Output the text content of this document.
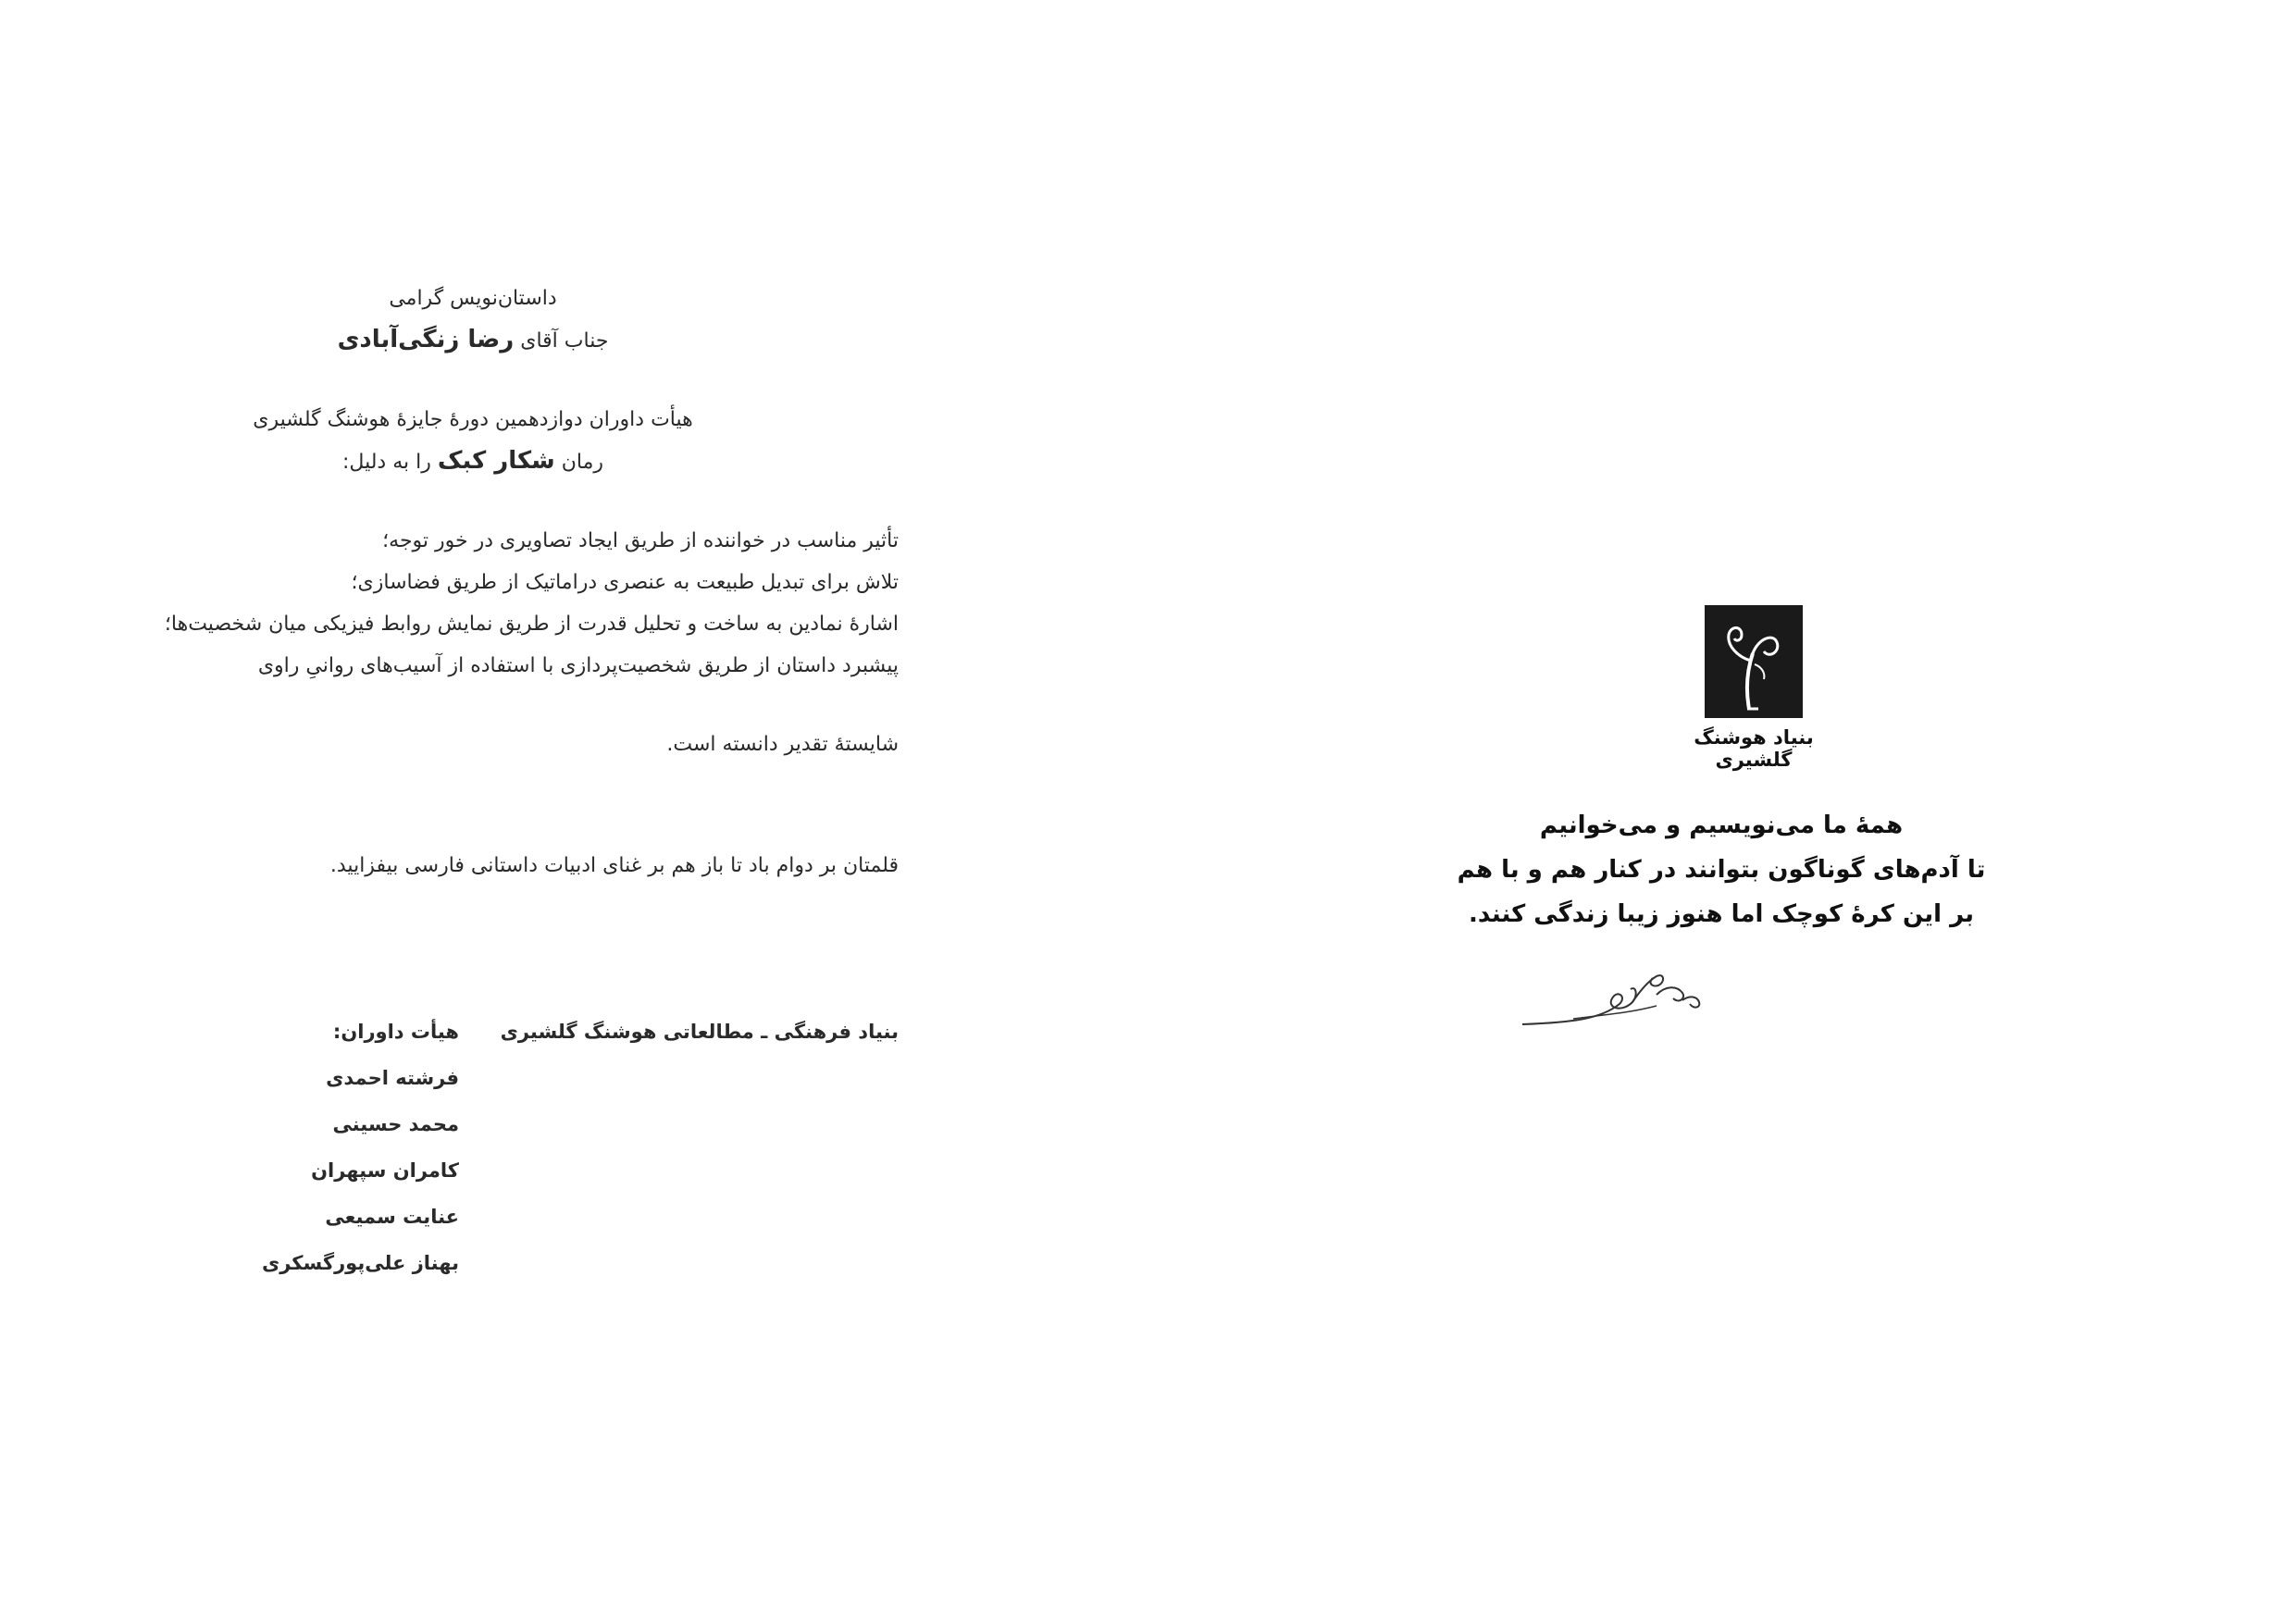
داستان‌نویس گرامی
جناب آقای رضا زنگی‌آبادی
هیأت داوران دوازدهمین دورهٔ جایزهٔ هوشنگ گلشیری
رمان شکار کبک را به دلیل:
تأثیر مناسب در خواننده از طریق ایجاد تصاویری در خور توجه؛
تلاش برای تبدیل طبیعت به عنصری دراماتیک از طریق فضاسازی؛
اشارهٔ نمادین به ساخت و تحلیل قدرت از طریق نمایش روابط فیزیکی میان شخصیت‌ها؛
پیشبرد داستان از طریق شخصیت‌پردازی با استفاده از آسیب‌های روانیِ راوی
شایستهٔ تقدیر دانسته است.
قلمتان بر دوام باد تا باز هم بر غنای ادبیات داستانی فارسی بیفزایید.
بنیاد فرهنگی ـ مطالعاتی هوشنگ گلشیری
هیأت داوران:
فرشته احمدی
محمد حسینی
کامران سپهران
عنایت سمیعی
بهناز علی‌پورگسکری
بنیاد هوشنگ گلشیری
همهٔ ما می‌نویسیم و می‌خوانیم
تا آدم‌های گوناگون بتوانند در کنار هم و با هم
بر این کرهٔ کوچک اما هنوز زیبا زندگی کنند.
